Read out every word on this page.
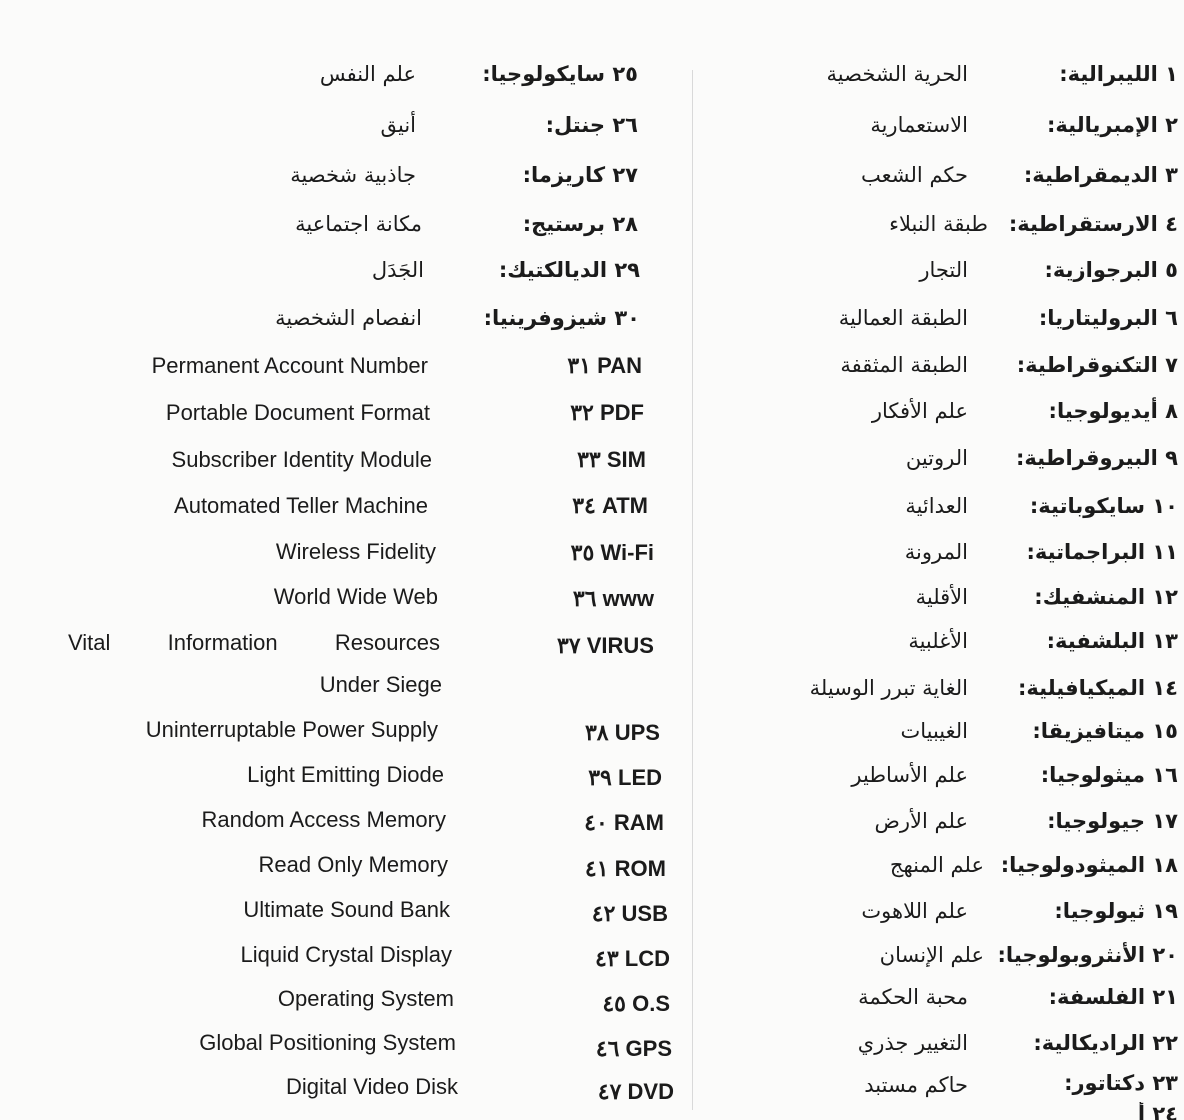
١ الليبرالية:
الحرية الشخصية
٢ الإمبريالية:
الاستعمارية
٣ الديمقراطية:
حكم الشعب
٤ الارستقراطية:
طبقة النبلاء
٥ البرجوازية:
التجار
٦ البروليتاريا:
الطبقة العمالية
٧ التكنوقراطية:
الطبقة المثقفة
٨ أيديولوجيا:
علم الأفكار
٩ البيروقراطية:
الروتين
١٠ سايكوباتية:
العدائية
١١ البراجماتية:
المرونة
١٢ المنشفيك:
الأقلية
١٣ البلشفية:
الأغلبية
١٤ الميكيافيلية:
الغاية تبرر الوسيلة
١٥ ميتافيزيقا:
الغيبيات
١٦ ميثولوجيا:
علم الأساطير
١٧ جيولوجيا:
علم الأرض
١٨ الميثودولوجيا:
علم المنهج
١٩ ثيولوجيا:
علم اللاهوت
٢٠ الأنثروبولوجيا:
علم الإنسان
٢١ الفلسفة:
محبة الحكمة
٢٢ الراديكالية:
التغيير جذري
٢٣ دكتاتور:
حاكم مستبد
٢٤ أ
٢٥ سايكولوجيا:
علم النفس
٢٦ جنتل:
أنيق
٢٧ كاريزما:
جاذبية شخصية
٢٨ برستيج:
مكانة اجتماعية
٢٩ الديالكتيك:
الجَدَل
٣٠ شيزوفرينيا:
انفصام الشخصية
PAN ٣١
Permanent Account Number
PDF ٣٢
Portable Document Format
SIM ٣٣
Subscriber Identity Module
ATM ٣٤
Automated Teller Machine
Wi-Fi ٣٥
Wireless Fidelity
www ٣٦
World Wide Web
VIRUS ٣٧
Vital	Information	Resources
Under Siege
UPS ٣٨
Uninterruptable Power Supply
LED ٣٩
Light Emitting Diode
RAM ٤٠
Random Access Memory
ROM ٤١
Read Only Memory
USB ٤٢
Ultimate Sound Bank
LCD ٤٣
Liquid Crystal Display
O.S ٤٥
Operating System
GPS ٤٦
Global Positioning System
DVD ٤٧
Digital Video Disk
